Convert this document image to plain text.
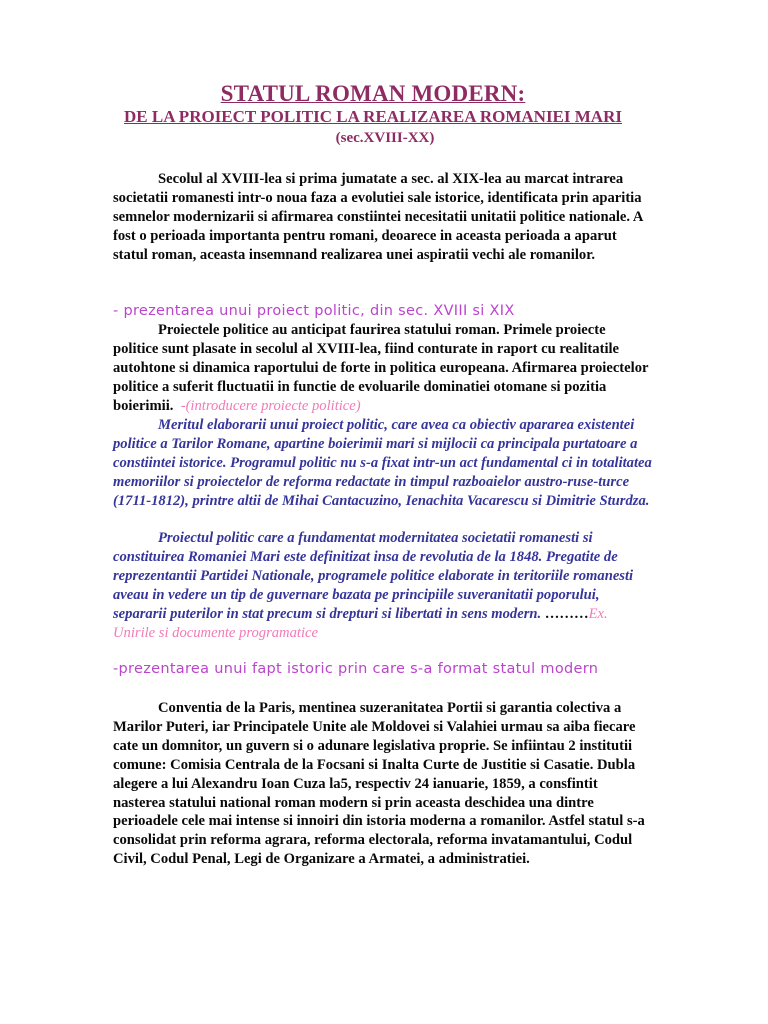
STATUL ROMAN MODERN:
DE LA PROIECT POLITIC LA REALIZAREA ROMANIEI MARI
(sec.XVIII-XX)

Secolul al XVIII-lea si prima jumatate a sec. al XIX-lea au marcat intrarea societatii romanesti intr-o noua faza a evolutiei sale istorice, identificata prin aparitia semnelor modernizarii si afirmarea constiintei necesitatii unitatii politice nationale. A fost o perioada importanta pentru romani, deoarece in aceasta perioada a aparut statul roman, aceasta insemnand realizarea unei aspiratii vechi ale romanilor.

- prezentarea unui proiect politic, din sec. XVIII si XIX

Proiectele politice au anticipat faurirea statului roman. Primele proiecte politice sunt plasate in secolul al XVIII-lea, fiind conturate in raport cu realitatile autohtone si dinamica raportului de forte in politica europeana. Afirmarea proiectelor politice a suferit fluctuatii in functie de evoluarile dominatiei otomane si pozitia boierimii. -(introducere proiecte politice)

Meritul elaborarii unui proiect politic, care avea ca obiectiv aparareа existentei politice a Tarilor Romane, apartine boierimii mari si mijlocii ca principala purtatoare a constiintei istorice. Programul politic nu s-a fixat intr-un act fundamental ci in totalitatea memoriilor si proiectelor de reforma redactate in timpul razboaielor austro-ruse-turce (1711-1812), printre altii de Mihai Cantacuzino, Ienachita Vacarescu si Dimitrie Sturdza.

Proiectul politic care a fundamentat modernitatea societatii romanesti si constituirea Romaniei Mari este definitizat insa de revolutia de la 1848. Pregatite de reprezentantii Partidei Nationale, programele politice elaborate in teritoriile romanesti aveau in vedere un tip de guvernare bazata pe principiile suveranitatii poporului, separarii puterilor in stat precum si drepturi si libertati in sens modern. ………Ex. Unirile si documente programatice

-prezentarea unui fapt istoric prin care s-a format statul modern

Conventia de la Paris, mentinea suzeranitatea Portii si garantia colectiva a Marilor Puteri, iar Principatele Unite ale Moldovei si Valahiei urmau sa aiba fiecare cate un domnitor, un guvern si o adunare legislativa proprie. Se infiintau 2 institutii comune: Comisia Centrala de la Focsani si Inalta Curte de Justitie si Casatie. Dubla alegere a lui Alexandru Ioan Cuza la5, respectiv 24 ianuarie, 1859, a consfintit nasterea statului national roman modern si prin aceasta deschidea una dintre perioadele cele mai intense si innoiri din istoria moderna a romanilor. Astfel statul s-a consolidat prin reforma agrara, reforma electorala, reforma invatamantului, Codul Civil, Codul Penal, Legi de Organizare a Armatei, a administratiei.
